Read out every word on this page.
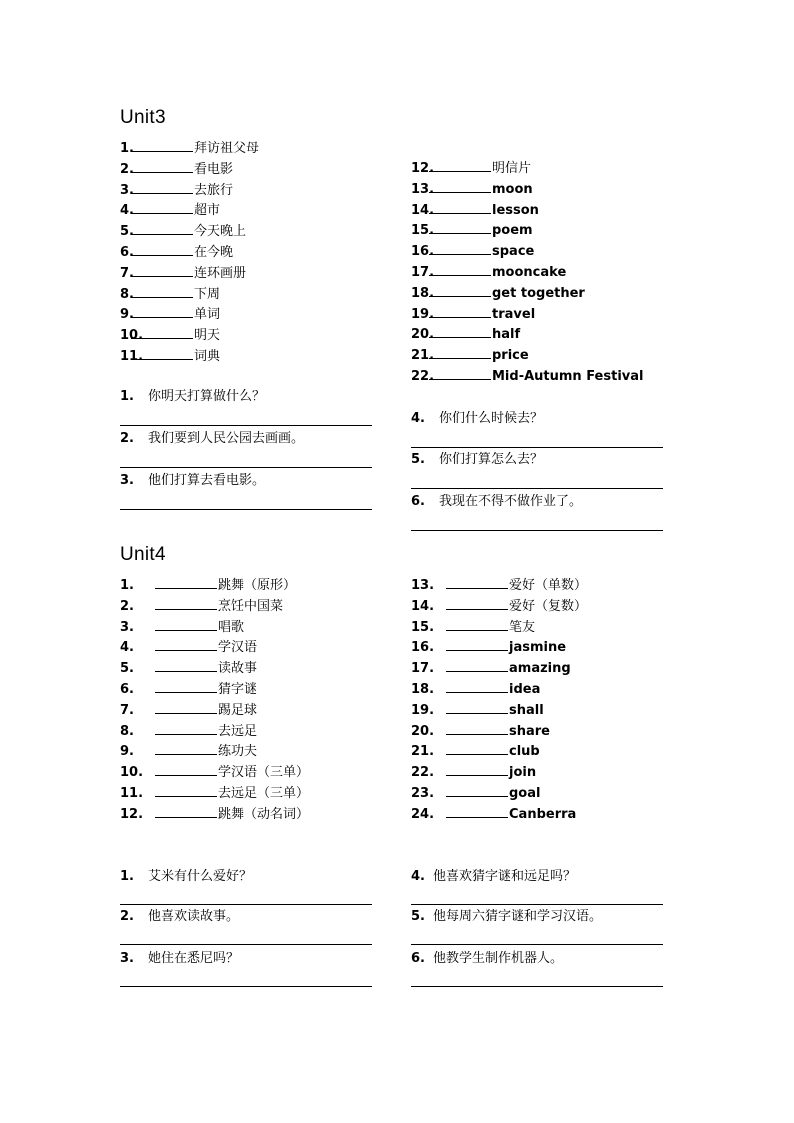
Unit3
1.	拜访祖父母
2.	看电影
3.	去旅行
4.	超市
5.	今天晚上
6.	在今晚
7.	连环画册
8.	下周
9.	单词
10.	明天
11.	词典
12.	明信片
13.	moon
14.	lesson
15.	poem
16.	space
17.	mooncake
18.	get together
19.	travel
20.	half
21.	price
22.	Mid-Autumn Festival
1. 你明天打算做什么？
2. 我们要到人民公园去画画。
3. 他们打算去看电影。
4. 你们什么时候去？
5. 你们打算怎么去？
6. 我现在不得不做作业了。
Unit4
1.	跳舞（原形）
2.	烹饪中国菜
3.	唱歌
4.	学汉语
5.	读故事
6.	猜字谜
7.	踢足球
8.	去远足
9.	练功夫
10.	学汉语（三单）
11.	去远足（三单）
12.	跳舞（动名词）
13.	爱好（单数）
14.	爱好（复数）
15.	笔友
16.	jasmine
17.	amazing
18.	idea
19.	shall
20.	share
21.	club
22.	join
23.	goal
24.	Canberra
1. 艾米有什么爱好？
2. 他喜欢读故事。
3. 她住在悉尼吗？
4. 他喜欢猜字谜和远足吗？
5. 他每周六猜字谜和学习汉语。
6. 他教学生制作机器人。
